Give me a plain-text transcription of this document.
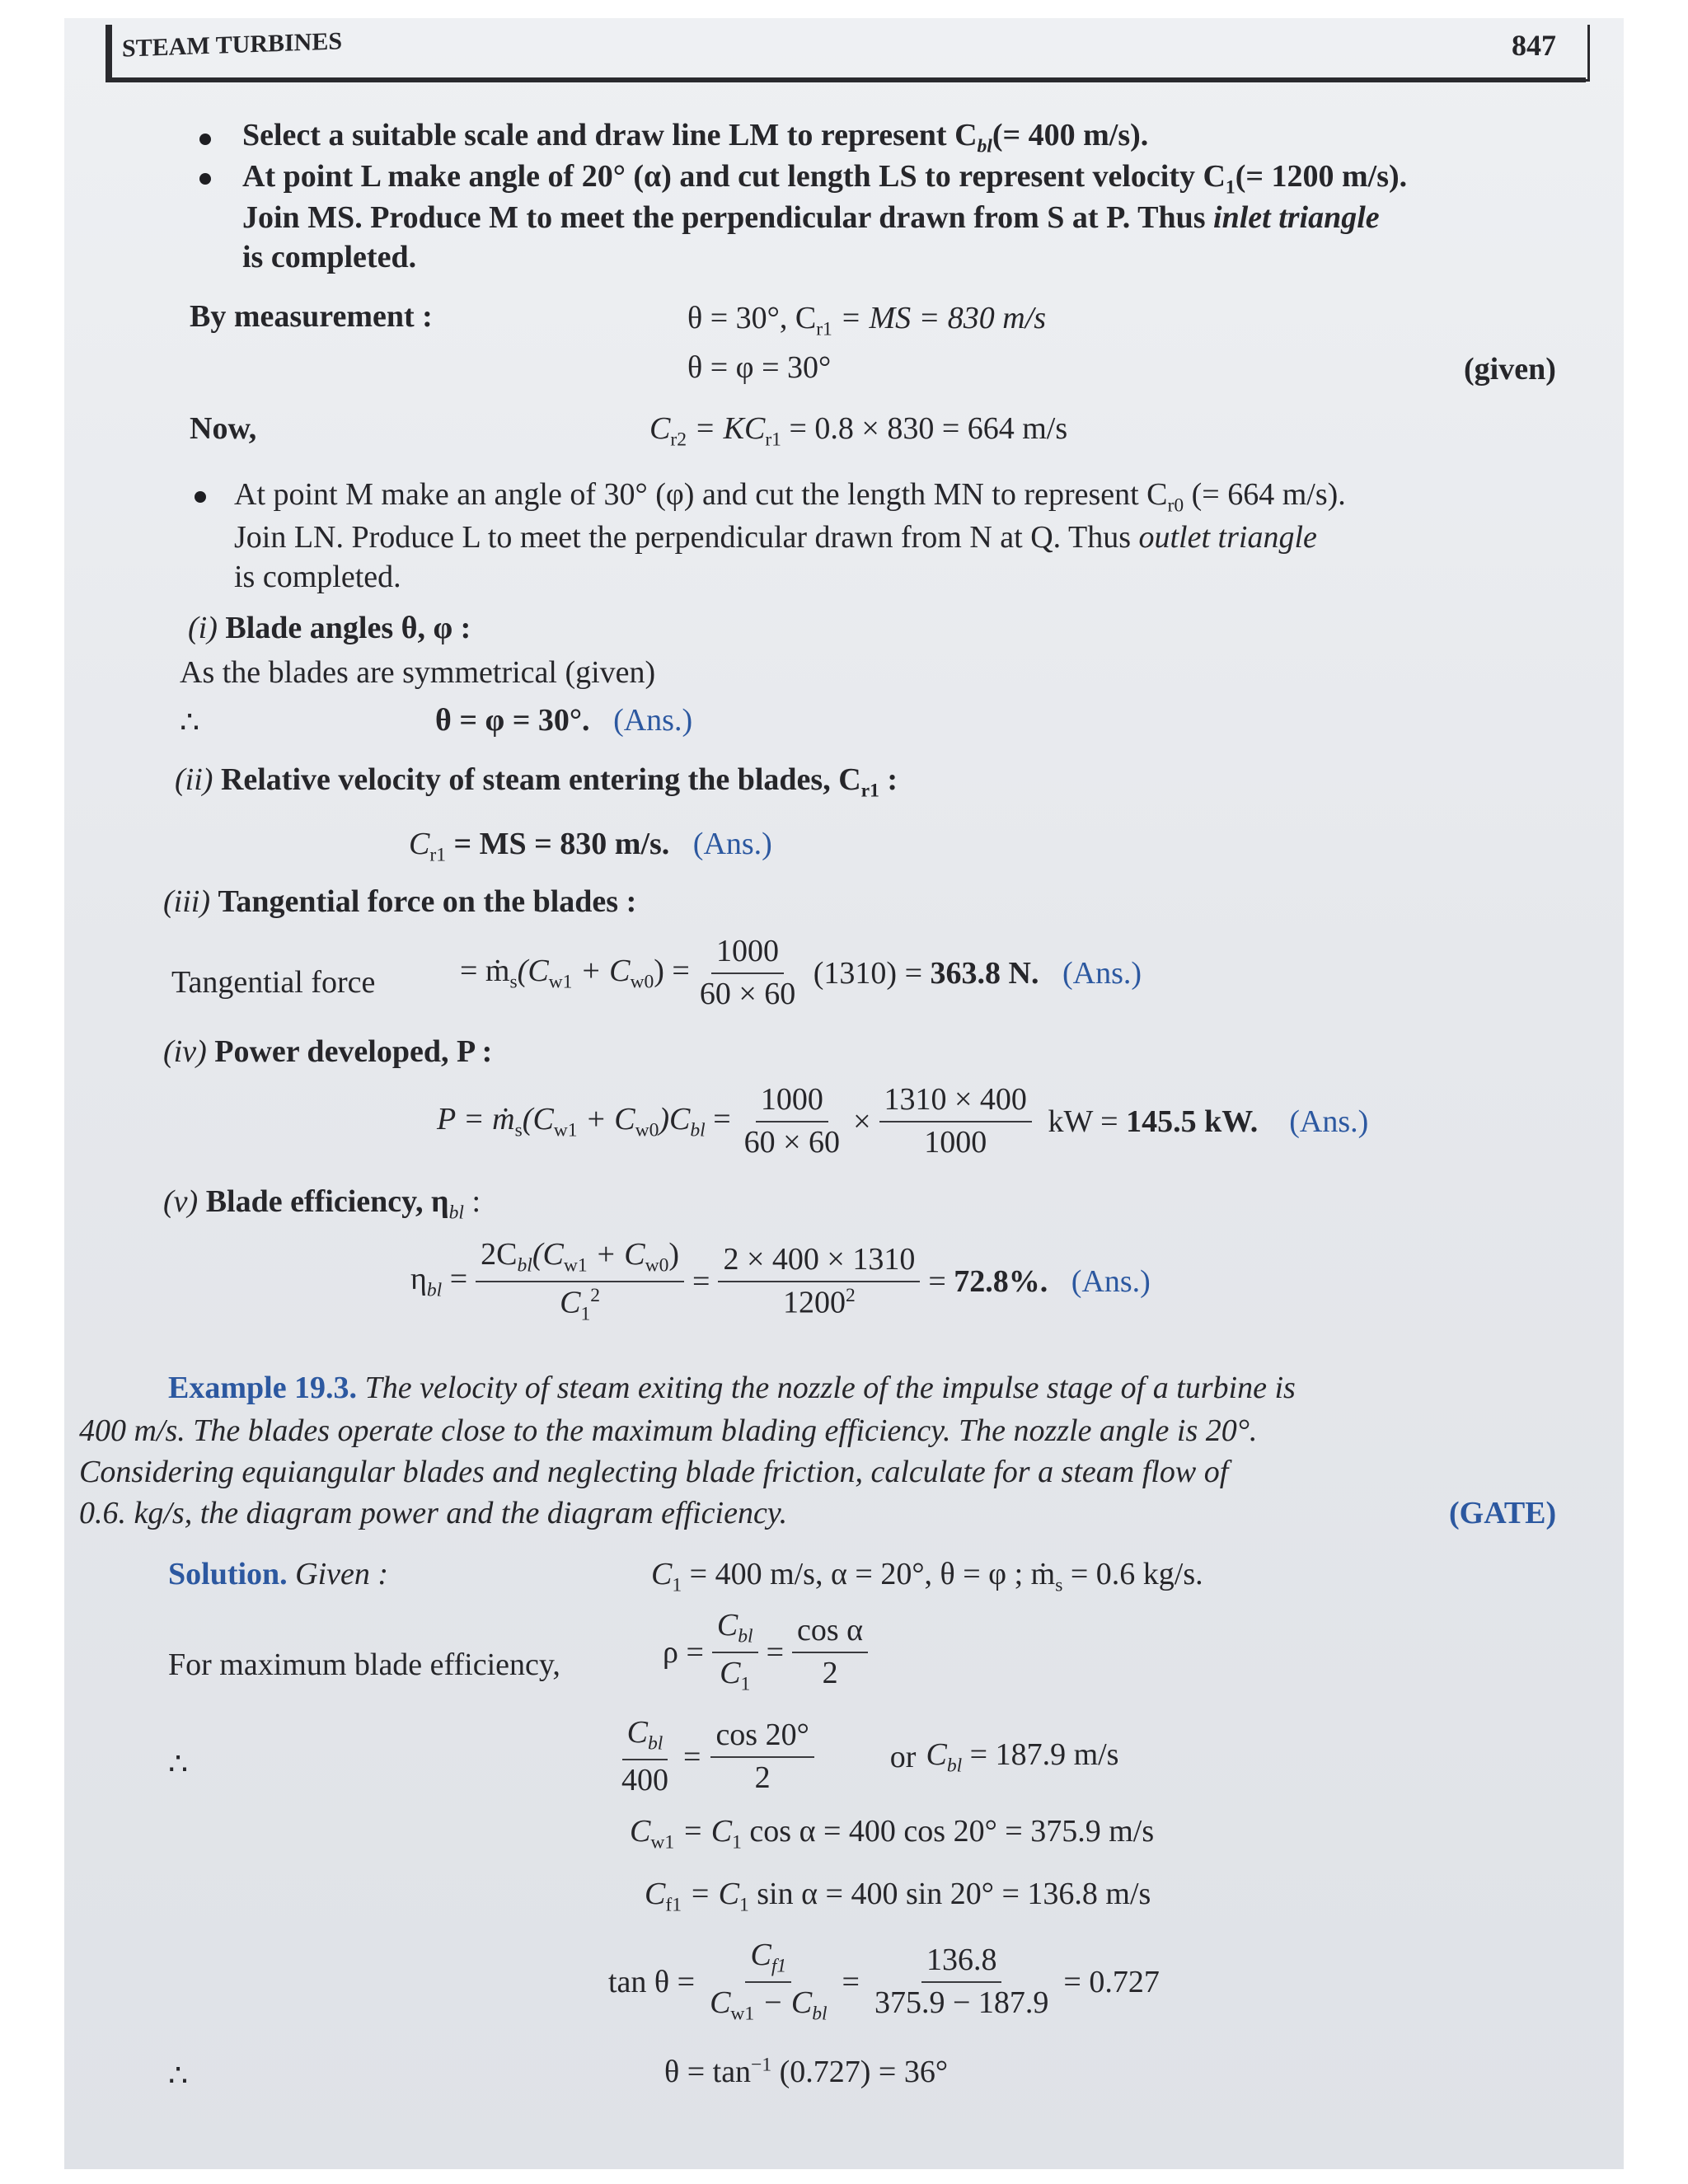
STEAM TURBINES	847
Select a suitable scale and draw line LM to represent $C_{bl}(= 400$ m/s).
At point L make angle of 20° (α) and cut length LS to represent velocity $C_1(= 1200$ m/s).
Join MS. Produce M to meet the perpendicular drawn from S at P. Thus inlet triangle
is completed.
By measurement :	θ = 30°, $C_{r1}$ = MS = 830 m/s
θ = φ = 30°	(given)
Now,	$C_{r2} = KC_{r1} = 0.8 \times 830 = 664$ m/s
At point M make an angle of 30° (φ) and cut the length MN to represent $C_{r0}$ (= 664 m/s).
Join LN. Produce L to meet the perpendicular drawn from N at Q. Thus outlet triangle
is completed.
(i) Blade angles θ, φ :
As the blades are symmetrical (given)
∴	θ = φ = 30°. (Ans.)
(ii) Relative velocity of steam entering the blades, $C_{r1}$ :
$C_{r1}$ = MS = 830 m/s. (Ans.)
(iii) Tangential force on the blades :
Tangential force	= $ṁ_s(C_{w1} + C_{w0}) = \frac{1000}{60 \times 60} (1310) = 363.8$ N. (Ans.)
(iv) Power developed, P :
$P = ṁ_s(C_{w1} + C_{w0})C_{bl} = \frac{1000}{60 \times 60} \times \frac{1310 \times 400}{1000}$ kW = 145.5 kW. (Ans.)
(v) Blade efficiency, $\eta_{bl}$ :
$\eta_{bl} = \frac{2C_{bl}(C_{w1} + C_{w0})}{C_1^2} = \frac{2 \times 400 \times 1310}{1200^2} = 72.8\%$. (Ans.)
Example 19.3. The velocity of steam exiting the nozzle of the impulse stage of a turbine is
400 m/s. The blades operate close to the maximum blading efficiency. The nozzle angle is 20°.
Considering equiangular blades and neglecting blade friction, calculate for a steam flow of
0.6. kg/s, the diagram power and the diagram efficiency.	(GATE)
Solution. Given :	$C_1 = 400$ m/s, α = 20°, θ = φ ; ṁ$_s$ = 0.6 kg/s.
For maximum blade efficiency,	$\rho = \frac{C_{bl}}{C_1} = \frac{\text{cos α}}{2}$
∴	$\frac{C_{bl}}{400} = \frac{\cos 20^\circ}{2}$ or $C_{bl} = 187.9$ m/s
$C_{w1} = C_1$ cos α = 400 cos 20° = 375.9 m/s
$C_{f1} = C_1$ sin α = 400 sin 20° = 136.8 m/s
$\tan \theta = \frac{C_{f1}}{C_{w1} - C_{bl}} = \frac{136.8}{375.9 - 187.9} = 0.727$
∴	$\theta = \tan^{-1} (0.727) = 36^\circ$
